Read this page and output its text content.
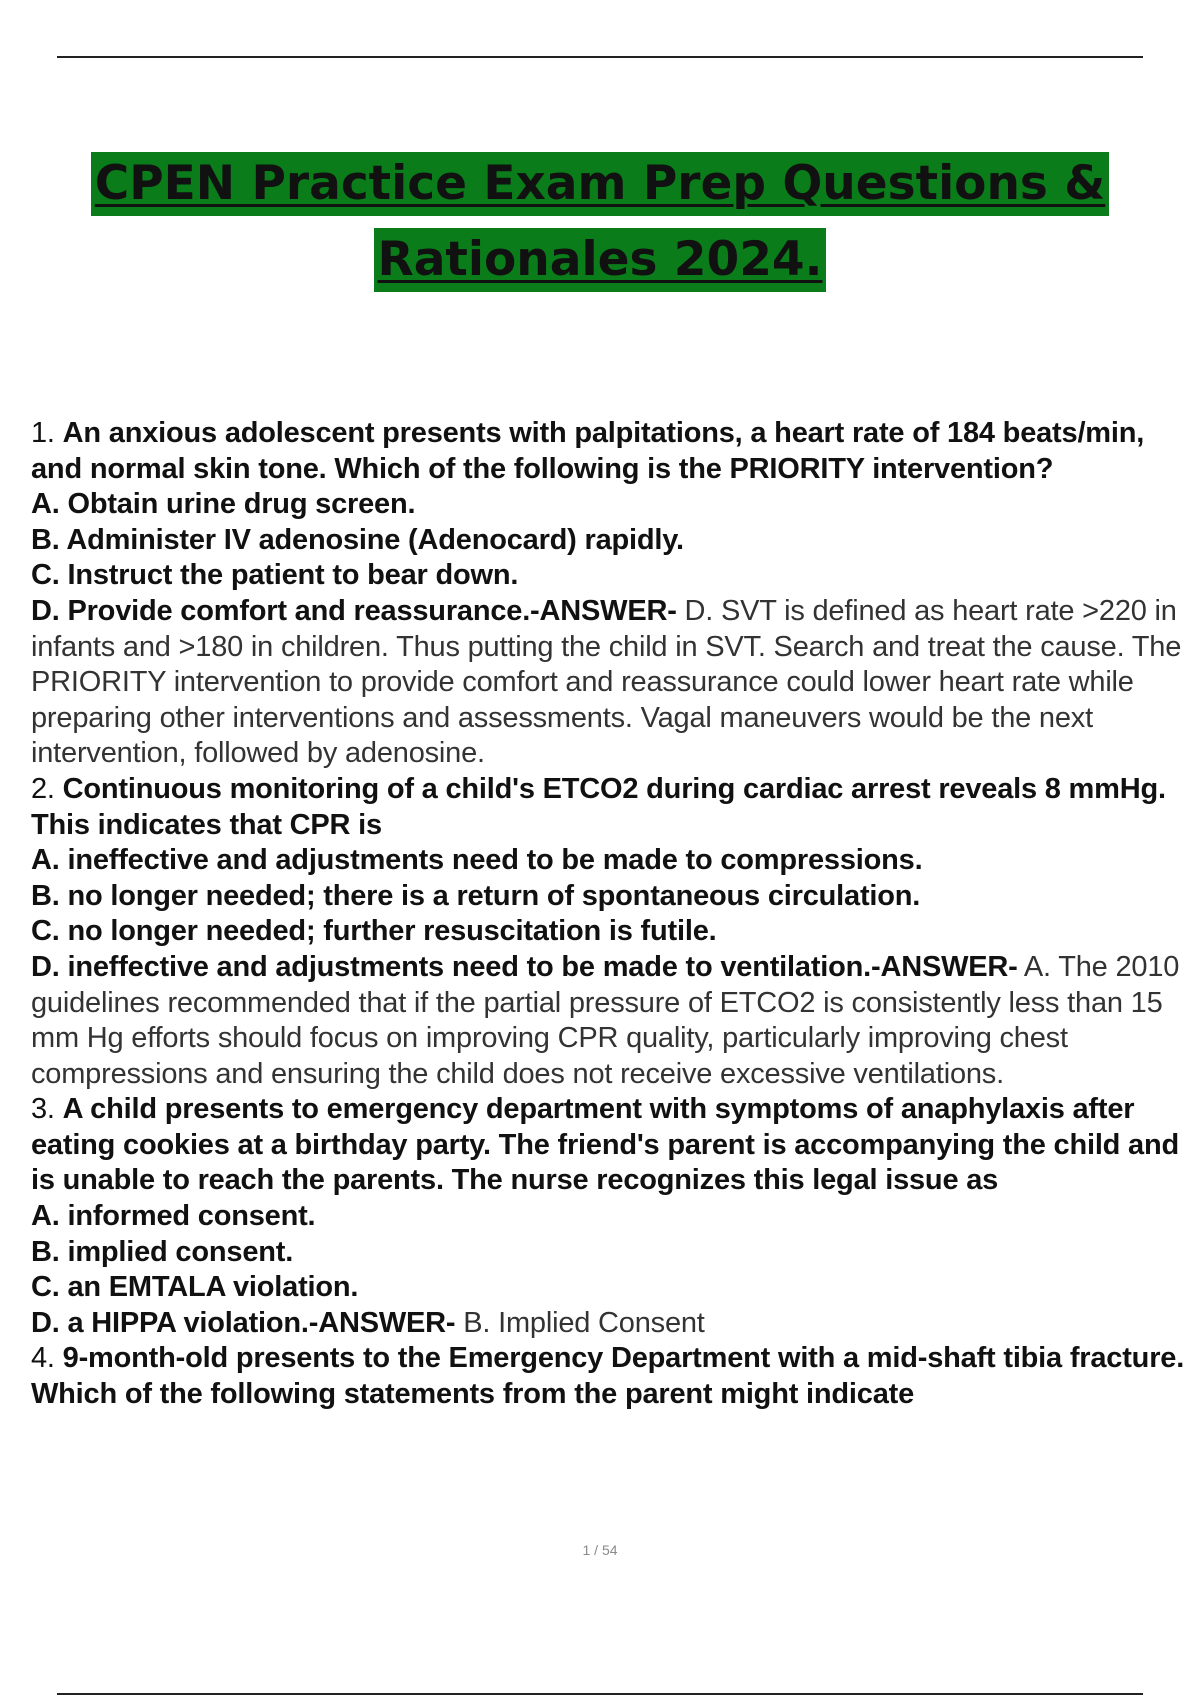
CPEN Practice Exam Prep Questions &
Rationales 2024.

1. An anxious adolescent presents with palpitations, a heart rate of 184 beats/min, and normal skin tone. Which of the following is the PRIORITY intervention?

A. Obtain urine drug screen.

B. Administer IV adenosine (Adenocard) rapidly.

C. Instruct the patient to bear down.

D. Provide comfort and reassurance.-ANSWER- D. SVT is defined as heart rate >220 in infants and >180 in children. Thus putting the child in SVT. Search and treat the cause. The PRIORITY intervention to provide comfort and reassurance could lower heart rate while preparing other interventions and assessments. Vagal maneuvers would be the next intervention, followed by adenosine.

2. Continuous monitoring of a child's ETCO2 during cardiac arrest reveals 8 mmHg. This indicates that CPR is

A. ineffective and adjustments need to be made to compressions.

B. no longer needed; there is a return of spontaneous circulation.

C. no longer needed; further resuscitation is futile.

D. ineffective and adjustments need to be made to ventilation.-ANSWER- A. The 2010 guidelines recommended that if the partial pressure of ETCO2 is consistently less than 15 mm Hg efforts should focus on improving CPR quality, particularly improving chest compressions and ensuring the child does not receive excessive ventilations.

3. A child presents to emergency department with symptoms of anaphylaxis after eating cookies at a birthday party. The friend's parent is accompanying the child and is unable to reach the parents. The nurse recognizes this legal issue as

A. informed consent.

B. implied consent.

C. an EMTALA violation.

D. a HIPPA violation.-ANSWER- B. Implied Consent

4. 9-month-old presents to the Emergency Department with a mid-shaft tibia fracture. Which of the following statements from the parent might indicate

1 / 54
